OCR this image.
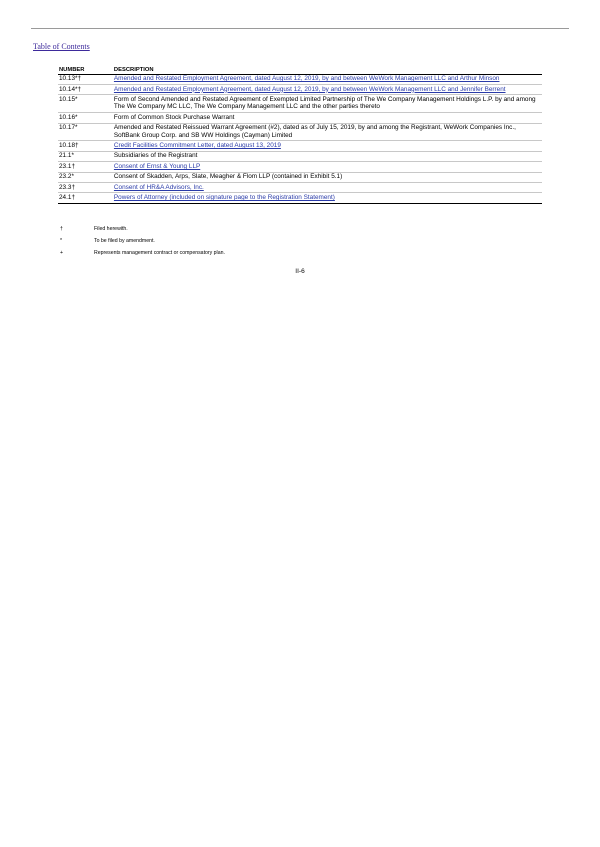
Table of Contents
NUMBER	DESCRIPTION
10.13*†	Amended and Restated Employment Agreement, dated August 12, 2019, by and between WeWork Management LLC and Arthur Minson
10.14*†	Amended and Restated Employment Agreement, dated August 12, 2019, by and between WeWork Management LLC and Jennifer Berrent
10.15*	Form of Second Amended and Restated Agreement of Exempted Limited Partnership of The We Company Management Holdings L.P. by and among The We Company MC LLC, The We Company Management LLC and the other parties thereto
10.16*	Form of Common Stock Purchase Warrant
10.17*	Amended and Restated Reissued Warrant Agreement (#2), dated as of July 15, 2019, by and among the Registrant, WeWork Companies Inc., SoftBank Group Corp. and SB WW Holdings (Cayman) Limited
10.18†	Credit Facilities Commitment Letter, dated August 13, 2019
21.1*	Subsidiaries of the Registrant
23.1†	Consent of Ernst & Young LLP
23.2*	Consent of Skadden, Arps, Slate, Meagher & Flom LLP (contained in Exhibit 5.1)
23.3†	Consent of HR&A Advisors, Inc.
24.1†	Powers of Attorney (included on signature page to the Registration Statement)
†	Filed herewith.
*	To be filed by amendment.
+	Represents management contract or compensatory plan.
II-6
